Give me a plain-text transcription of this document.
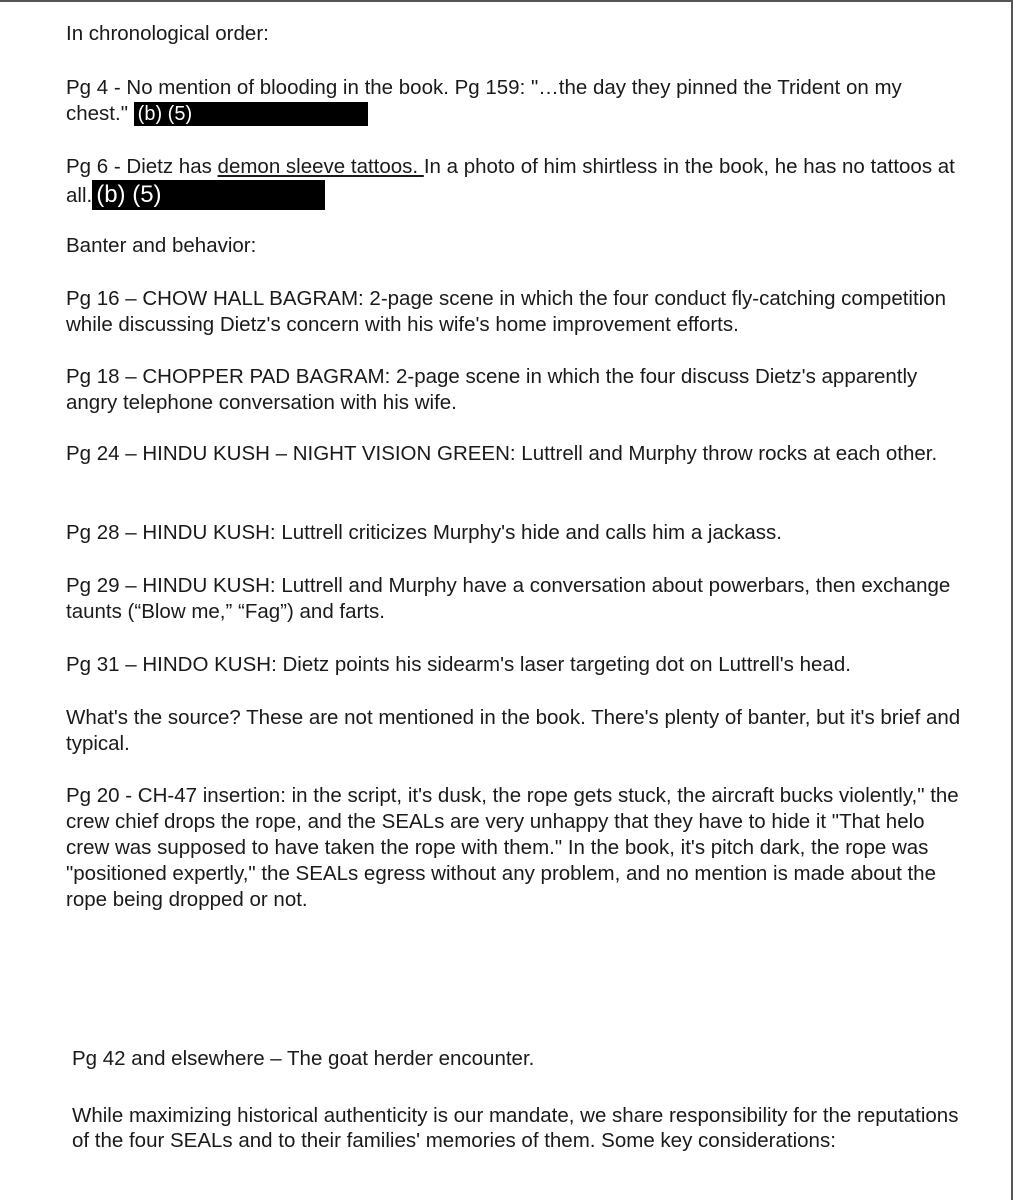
In chronological order:

Pg 4 - No mention of blooding in the book. Pg 159: "…the day they pinned the Trident on my chest." (b) (5)

Pg 6 - Dietz has demon sleeve tattoos. In a photo of him shirtless in the book, he has no tattoos at all. (b) (5)

Banter and behavior:

Pg 16 – CHOW HALL BAGRAM: 2-page scene in which the four conduct fly-catching competition while discussing Dietz's concern with his wife's home improvement efforts.

Pg 18 – CHOPPER PAD BAGRAM: 2-page scene in which the four discuss Dietz's apparently angry telephone conversation with his wife.

Pg 24 – HINDU KUSH – NIGHT VISION GREEN: Luttrell and Murphy throw rocks at each other.

Pg 28 – HINDU KUSH: Luttrell criticizes Murphy's hide and calls him a jackass.

Pg 29 – HINDU KUSH: Luttrell and Murphy have a conversation about powerbars, then exchange taunts (“Blow me,” “Fag”) and farts.

Pg 31 – HINDO KUSH: Dietz points his sidearm's laser targeting dot on Luttrell's head.

What's the source? These are not mentioned in the book. There's plenty of banter, but it's brief and typical.

Pg 20 - CH-47 insertion: in the script, it's dusk, the rope gets stuck, the aircraft bucks violently," the crew chief drops the rope, and the SEALs are very unhappy that they have to hide it "That helo crew was supposed to have taken the rope with them." In the book, it's pitch dark, the rope was "positioned expertly," the SEALs egress without any problem, and no mention is made about the rope being dropped or not.

Pg 42 and elsewhere – The goat herder encounter.

While maximizing historical authenticity is our mandate, we share responsibility for the reputations of the four SEALs and to their families' memories of them. Some key considerations:
